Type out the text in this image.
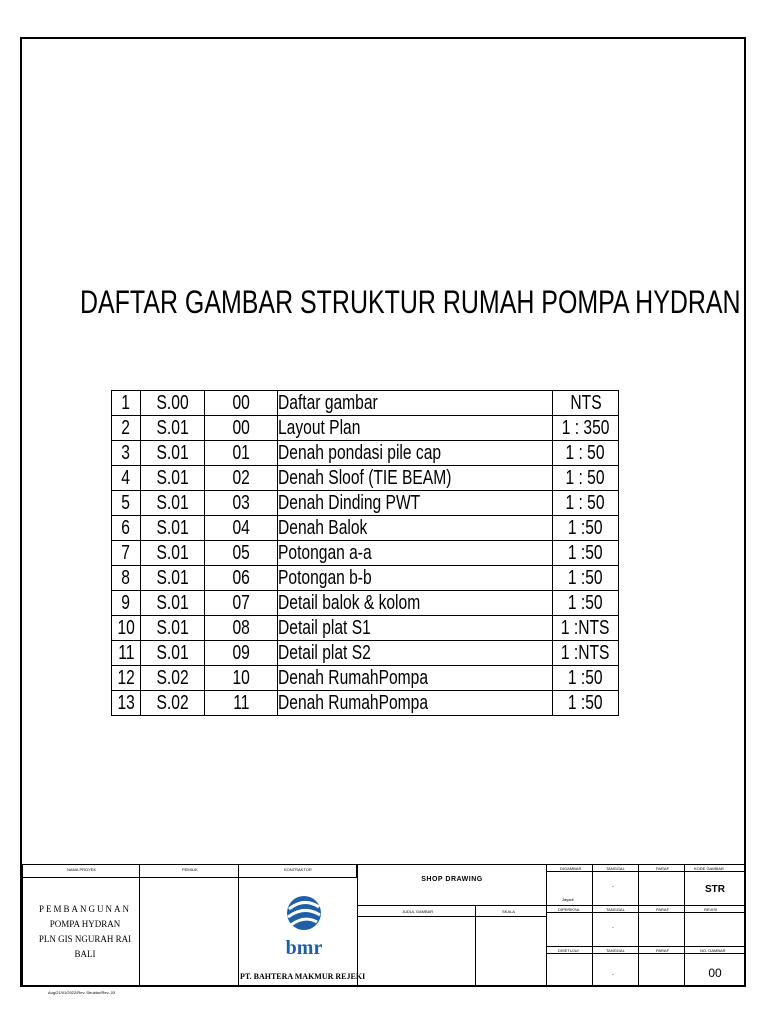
DAFTAR GAMBAR STRUKTUR RUMAH POMPA HYDRAN
1	S.00	00	Daftar gambar	NTS
2	S.01	00	Layout Plan	1 : 350
3	S.01	01	Denah pondasi pile cap	1 : 50
4	S.01	02	Denah Sloof (TIE BEAM)	1 : 50
5	S.01	03	Denah Dinding PWT	1 : 50
6	S.01	04	Denah Balok	1 :50
7	S.01	05	Potongan a-a	1 :50
8	S.01	06	Potongan b-b	1 :50
9	S.01	07	Detail balok & kolom	1 :50
10	S.01	08	Detail plat S1	1 :NTS
11	S.01	09	Detail plat S2	1 :NTS
12	S.02	10	Denah RumahPompa	1 :50
13	S.02	11	Denah RumahPompa	1 :50
NAMA PROYEK	PEMILIK	KONTRAKTOR	DIGAMBAR	TANGGAL	PARAF	KODE GAMBAR
JUDUL GAMBAR	SKALA	DIPERIKSA	TANGGAL	PARAF	REVISI
DISETUJUI	TANGGAL	PARAF	NO. GAMBAR
PEMBANGUNAN
POMPA HYDRAN
PLN GIS NGURAH RAI BALI	bmr
PT. BAHTERA MAKMUR REJEKI
SHOP DRAWING
Jayadi
-
-
-
STR
00
Aug/21/01/2022/Rev. Struktur/Rev.-03
